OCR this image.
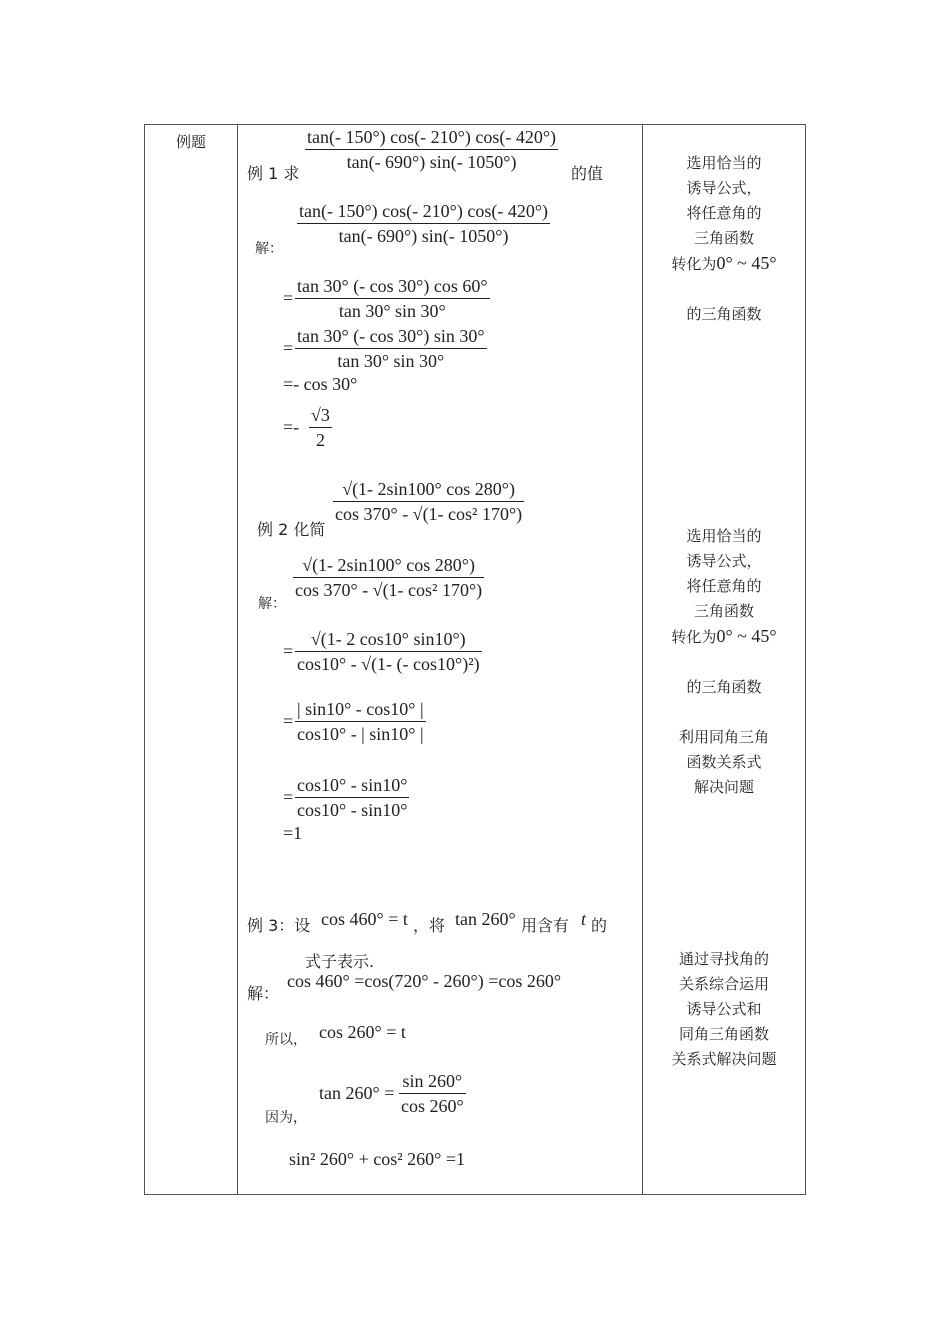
例题
例 1 求
tan(- 150°) cos(- 210°) cos(- 420°)
tan(- 690°) sin(- 1050°)
的值
解：
tan(- 150°) cos(- 210°) cos(- 420°)
tan(- 690°) sin(- 1050°)
=
tan 30° (- cos 30°) cos 60°
tan 30° sin 30°
=
tan 30° (- cos 30°) sin 30°
tan 30° sin 30°
=- cos 30°
=-
√3
2
例 2 化简
√(1- 2sin100° cos 280°)
cos 370° - √(1- cos² 170°)
解：
√(1- 2sin100° cos 280°)
cos 370° - √(1- cos² 170°)
=
√(1- 2 cos10° sin10°)
cos10° - √(1- (- cos10°)²)
=
| sin10° - cos10° |
cos10° - | sin10° |
=
cos10° - sin10°
cos10° - sin10°
=1
例 3：设 cos 460° = t ，将 tan 260° 用含有 t 的
式子表示.
解：
cos 460° =cos(720° - 260°) =cos 260°
所以， cos 260° = t
因为，
tan 260° =
sin 260°
cos 260°
sin² 260° + cos² 260° =1
选用恰当的
诱导公式，
将任意角的
三角函数
转化为0° ~ 45°
的三角函数
选用恰当的
诱导公式，
将任意角的
三角函数
转化为0° ~ 45°
的三角函数
利用同角三角
函数关系式
解决问题
通过寻找角的
关系综合运用
诱导公式和
同角三角函数
关系式解决问题
